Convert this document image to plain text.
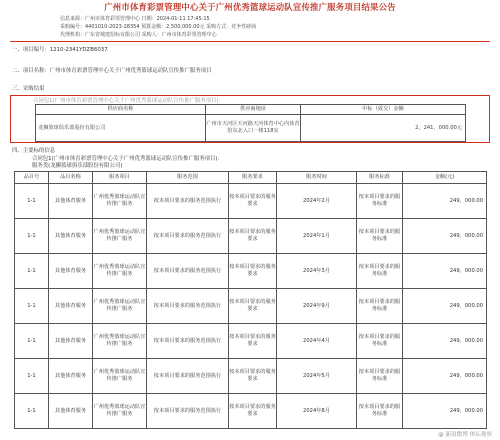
广州市体育彩票管理中心关于广州优秀篮球运动队宣传推广服务项目结果公告
信息来源：广州市体育彩票管理中心 日期：2024-01-11 17:45:15
采购编号：4401010-2023-28354 预算金额：2,500,000.00元 采购方式：竞争性磋商
代理机构：广东省城建招标有限公司 采购人：广州市体育彩票管理中心
一、项目编号：1210-2341YDZB6037
二、项目名称：广州市体育彩票管理中心关于广州优秀篮球运动队宣传推广服务项目
三、采购结果
合同包1(广州市体育彩票管理中心关于广州优秀篮球运动队宣传推广服务项目)：
供应商名称	供应商地址	中标（成交）金额
龙狮篮球俱乐部股份有限公司	广州市天河区天河路天河体育中心内体育馆东北入口一楼118室	2，241，000.00元
四、主要标的信息
合同包1(广州市体育彩票管理中心关于广州优秀篮球运动队宣传推广服务项目)：
服务类(龙狮篮球俱乐部股份有限公司)
品目号	品目名称	服务项目	服务范围	服务要求	服务时间	服务标准	金额(元)
1-1	其他体育服务	广州优秀篮球运动队宣传推广服务	按本项目要求的服务范围执行	按本项目要求的服务要求	2024年2月	按本项目要求的服务标准	249，000.00
1-1	其他体育服务	广州优秀篮球运动队宣传推广服务	按本项目要求的服务范围执行	按本项目要求的服务要求	2024年1月	按本项目要求的服务标准	249，000.00
1-1	其他体育服务	广州优秀篮球运动队宣传推广服务	按本项目要求的服务范围执行	按本项目要求的服务要求	2024年3月	按本项目要求的服务标准	249，000.00
1-1	其他体育服务	广州优秀篮球运动队宣传推广服务	按本项目要求的服务范围执行	按本项目要求的服务要求	2024年9月	按本项目要求的服务标准	249，000.00
1-1	其他体育服务	广州优秀篮球运动队宣传推广服务	按本项目要求的服务范围执行	按本项目要求的服务要求	2024年4月	按本项目要求的服务标准	249，000.00
1-1	其他体育服务	广州优秀篮球运动队宣传推广服务	按本项目要求的服务范围执行	按本项目要求的服务要求	2024年5月	按本项目要求的服务标准	249，000.00
1-1	其他体育服务	广州优秀篮球运动队宣传推广服务	按本项目要求的服务范围执行	按本项目要求的服务要求	2024年8月	按本项目要求的服务标准	249，000.00
@ 新浪微博 体坛观察
